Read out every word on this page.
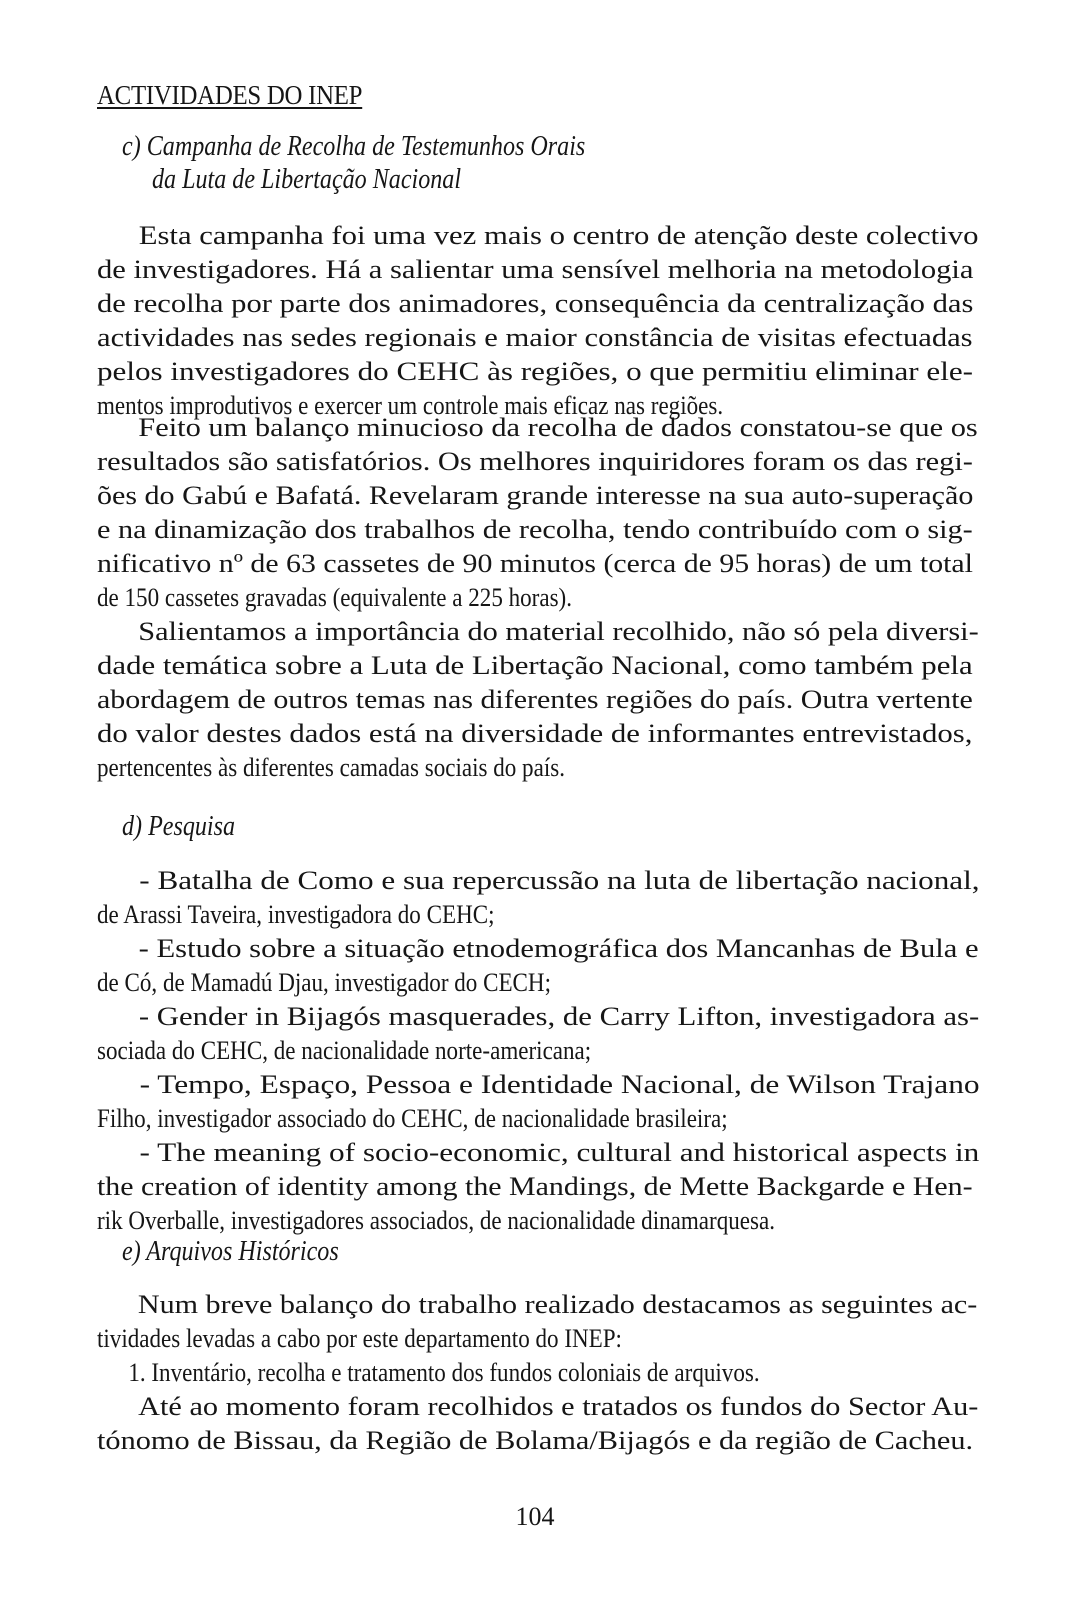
ACTIVIDADES DO INEP
c) Campanha de Recolha de Testemunhos Orais
da Luta de Libertação Nacional
Esta campanha foi uma vez mais o centro de atenção deste colectivo
de investigadores. Há a salientar uma sensível melhoria na metodologia
de recolha por parte dos animadores, consequência da centralização das
actividades nas sedes regionais e maior constância de visitas efectuadas
pelos investigadores do CEHC às regiões, o que permitiu eliminar ele-
mentos improdutivos e exercer um controle mais eficaz nas regiões.
Feito um balanço minucioso da recolha de dados constatou-se que os
resultados são satisfatórios. Os melhores inquiridores foram os das regi-
ões do Gabú e Bafatá. Revelaram grande interesse na sua auto-superação
e na dinamização dos trabalhos de recolha, tendo contribuído com o sig-
nificativo nº de 63 cassetes de 90 minutos (cerca de 95 horas) de um total
de 150 cassetes gravadas (equivalente a 225 horas).
Salientamos a importância do material recolhido, não só pela diversi-
dade temática sobre a Luta de Libertação Nacional, como também pela
abordagem de outros temas nas diferentes regiões do país. Outra vertente
do valor destes dados está na diversidade de informantes entrevistados,
pertencentes às diferentes camadas sociais do país.
d) Pesquisa
- Batalha de Como e sua repercussão na luta de libertação nacional,
de Arassi Taveira, investigadora do CEHC;
- Estudo sobre a situação etnodemográfica dos Mancanhas de Bula e
de Có, de Mamadú Djau, investigador do CECH;
- Gender in Bijagós masquerades, de Carry Lifton, investigadora as-
sociada do CEHC, de nacionalidade norte-americana;
- Tempo, Espaço, Pessoa e Identidade Nacional, de Wilson Trajano
Filho, investigador associado do CEHC, de nacionalidade brasileira;
- The meaning of socio-economic, cultural and historical aspects in
the creation of identity among the Mandings, de Mette Backgarde e Hen-
rik Overballe, investigadores associados, de nacionalidade dinamarquesa.
e) Arquivos Históricos
Num breve balanço do trabalho realizado destacamos as seguintes ac-
tividades levadas a cabo por este departamento do INEP:
1. Inventário, recolha e tratamento dos fundos coloniais de arquivos.
Até ao momento foram recolhidos e tratados os fundos do Sector Au-
tónomo de Bissau, da Região de Bolama/Bijagós e da região de Cacheu.
104
